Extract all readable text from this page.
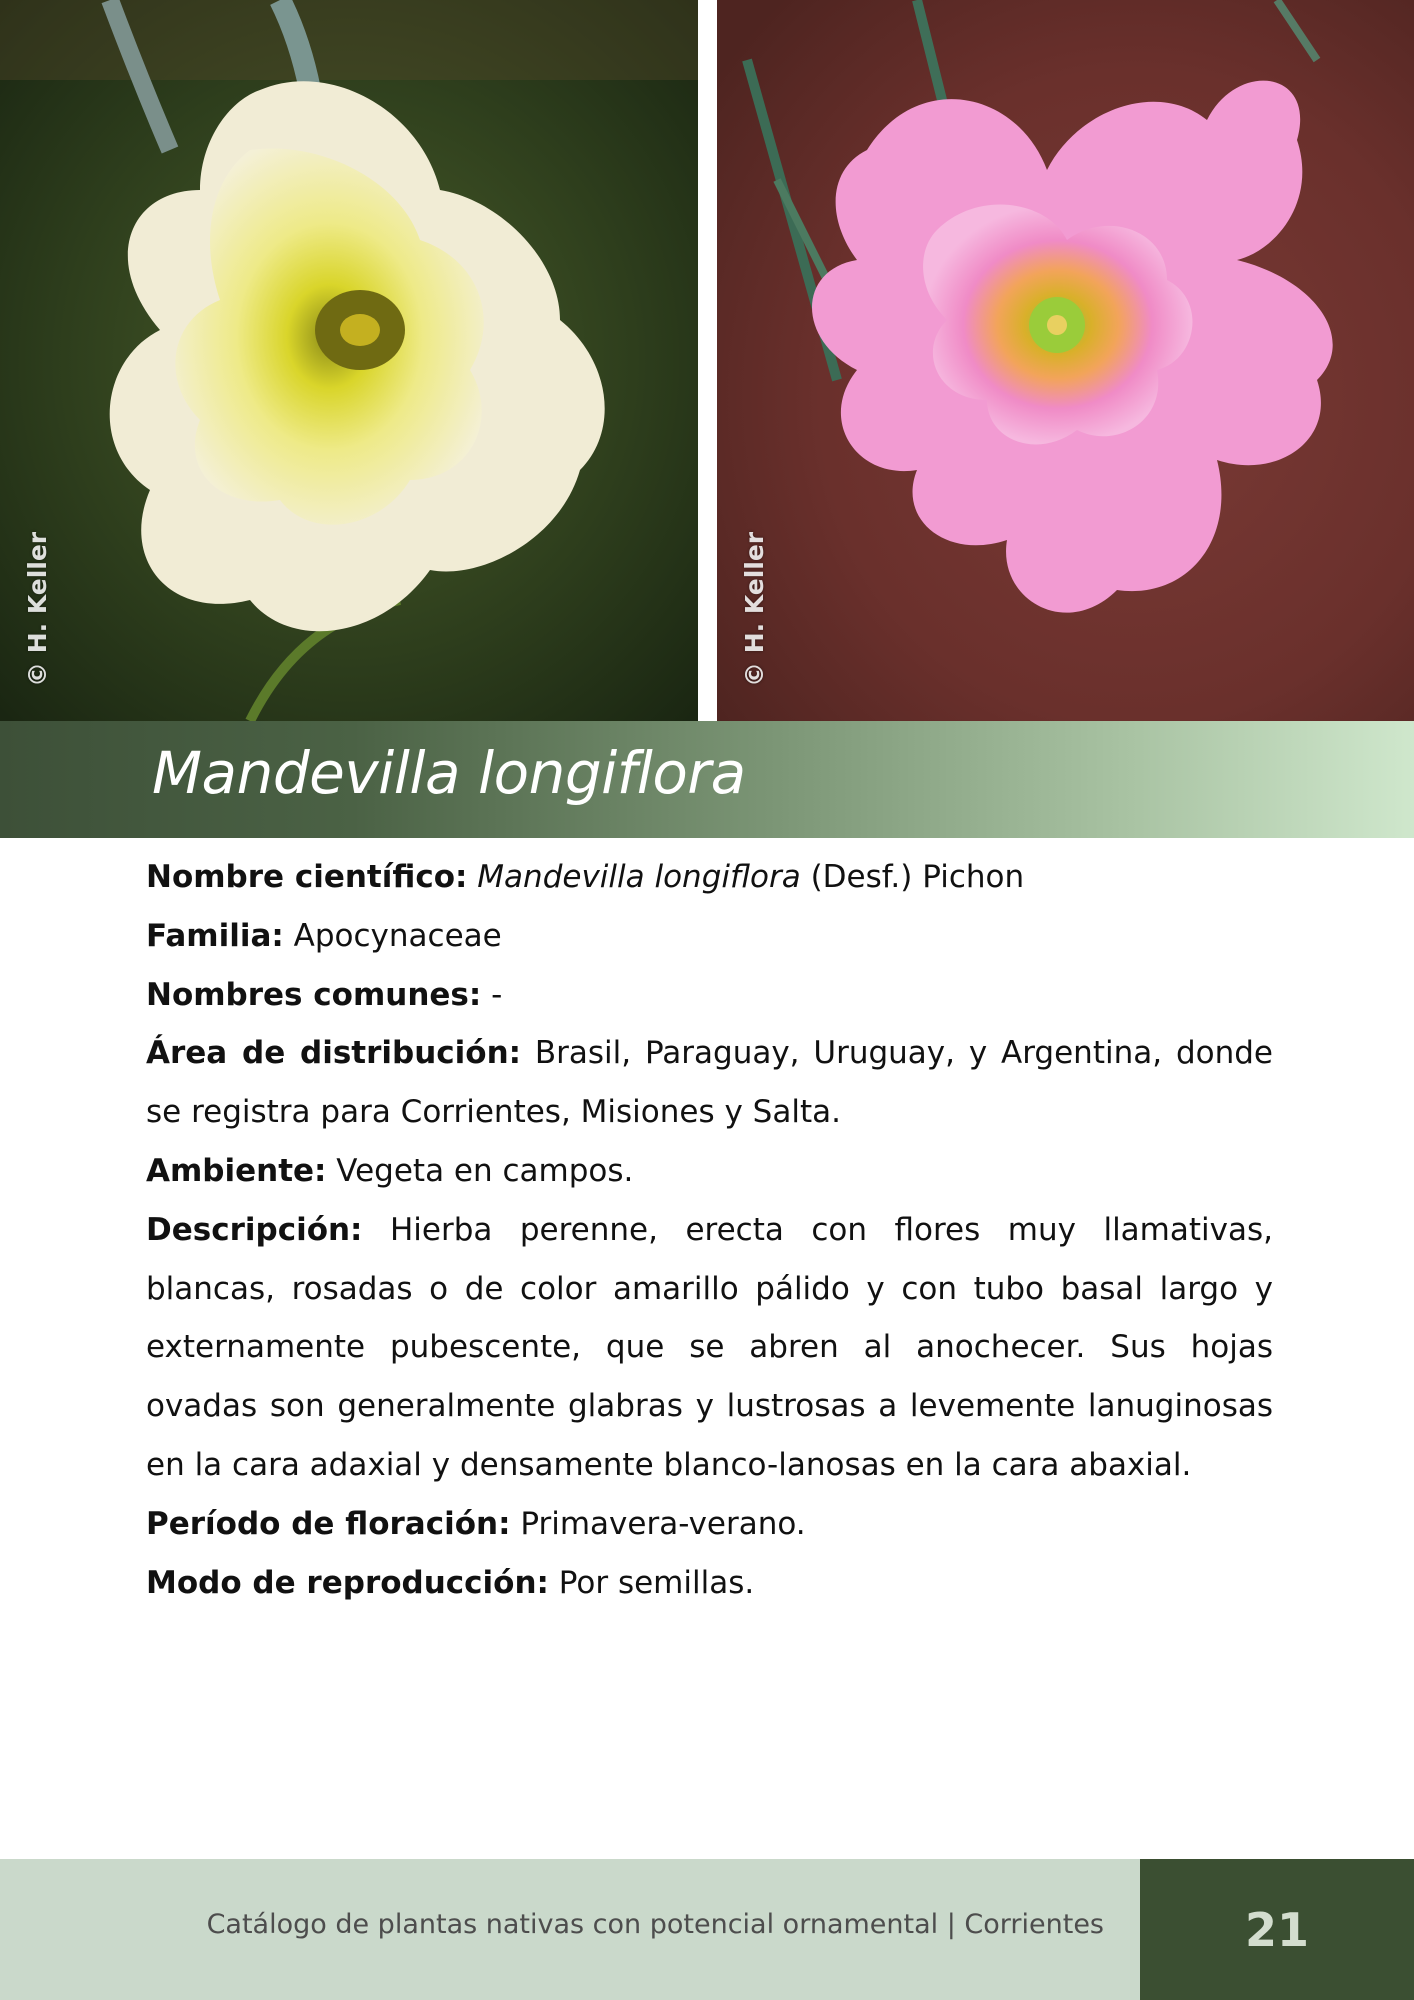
© H. Keller	© H. Keller
Mandevilla longiflora

Nombre científico: Mandevilla longiflora (Desf.) Pichon

Familia: Apocynaceae

Nombres comunes: -

Área de distribución: Brasil, Paraguay, Uruguay, y Argentina, donde se registra para Corrientes, Misiones y Salta.

Ambiente: Vegeta en campos.

Descripción: Hierba perenne, erecta con flores muy llamativas, blancas, rosadas o de color amarillo pálido y con tubo basal largo y externamente pubescente, que se abren al anochecer. Sus hojas ovadas son generalmente glabras y lustrosas a levemente lanuginosas en la cara adaxial y densamente blanco-lanosas en la cara abaxial.

Período de floración: Primavera-verano.

Modo de reproducción: Por semillas.

Catálogo de plantas nativas con potencial ornamental | Corrientes	21
